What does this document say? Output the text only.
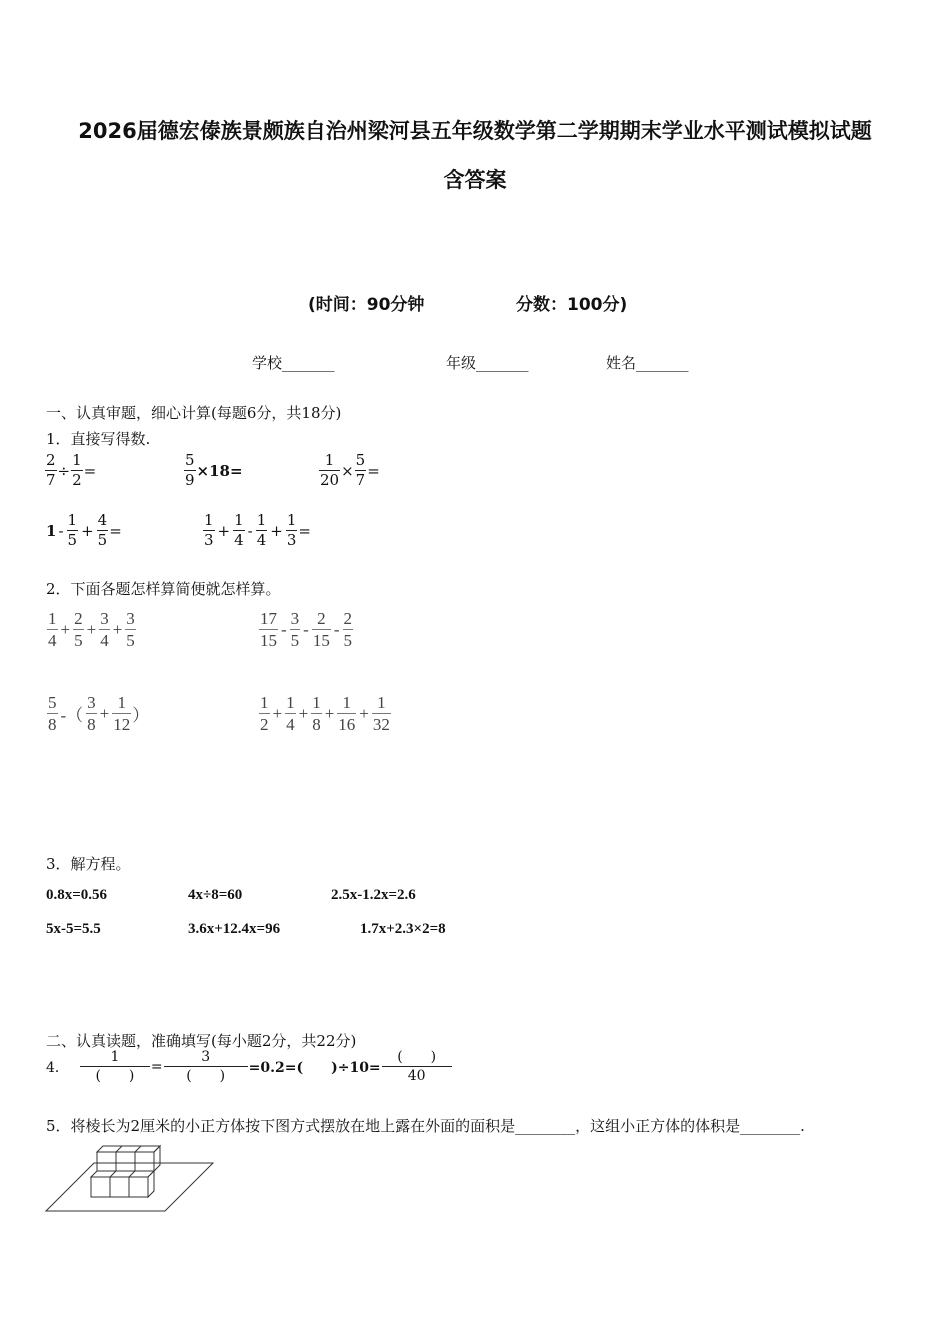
2026届德宏傣族景颇族自治州梁河县五年级数学第二学期期末学业水平测试模拟试题
含答案
(时间：90分钟	分数：100分)
学校_______	年级_______	姓名_______
一、认真审题，细心计算(每题6分，共18分)
1．直接写得数.
$\frac{2}{7} \div \frac{1}{2}$ =	$\frac{5}{9} \times 18=$	$\frac{1}{20} \times \frac{5}{7}$ =
$1 - \frac{1}{5} + \frac{4}{5}$ =	$\frac{1}{3} + \frac{1}{4} - \frac{1}{4} + \frac{1}{3}$ =
2．下面各题怎样算简便就怎样算。
$\frac{1}{4} + \frac{2}{5} + \frac{3}{4} + \frac{3}{5}$	$\frac{17}{15} - \frac{3}{5} - \frac{2}{15} - \frac{2}{5}$
$\frac{5}{8}$ -（ $\frac{3}{8} + \frac{1}{12}$ ）	$\frac{1}{2} + \frac{1}{4} + \frac{1}{8} + \frac{1}{16} + \frac{1}{32}$
3．解方程。
0.8x=0.56	4x÷8=60	2.5x-1.2x=2.6
5x-5=5.5	3.6x+12.4x=96	1.7x+2.3×2=8
二、认真读题，准确填写(每小题2分，共22分)
4． $\frac{1}{( )} = \frac{3}{( )} =0.2=$(　　)$\div 10= \frac{( )}{40}$
5．将棱长为2厘米的小正方体按下图方式摆放在地上露在外面的面积是________，这组小正方体的体积是________.
